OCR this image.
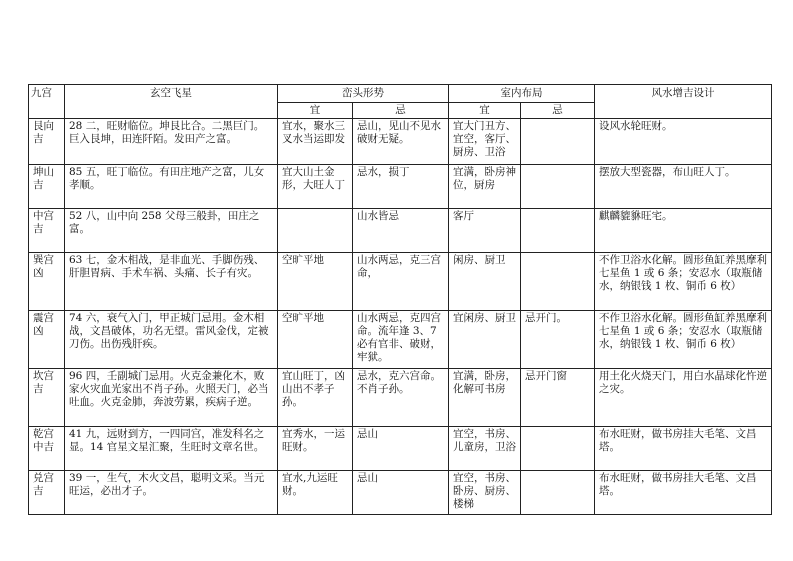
九宫	玄空飞星	峦头形势		室内布局		风水增吉设计
		宜	忌	宜	忌	
艮向吉	28 二，旺财临位。坤艮比合。二黑巨门。巨入艮坤，田连阡陌。发田产之富。	宜水，聚水三叉水当运即发	忌山，见山不见水破财无疑。	宜大门丑方、宜空，客厅、厨房、卫浴		设风水轮旺财。
坤山吉	85 五，旺丁临位。有田庄地产之富，儿女孝顺。	宜大山土金形，大旺人丁	忌水，损丁	宜满，卧房神位，厨房		摆放大型瓷器，布山旺人丁。
中宫吉	52 八，山中向 258 父母三般卦，田庄之富。		山水皆忌	客厅		麒麟貔貅旺宅。
巽宫凶	63 七，金木相战，是非血光、手脚伤残、肝胆胃病、手术车祸、头痛、长子有灾。	空旷平地	山水两忌，克三宫命，	闲房、厨卫		不作卫浴水化解。圆形鱼缸养黑摩利七星鱼 1 或 6 条；安忍水（取瓶储水，纳银钱 1 枚、铜币 6 枚）
震宫凶	74 六，衰气入门，甲正城门忌用。金木相战，文昌破体，功名无望。雷风金伐，定被刀伤。出伤残肝疾。	空旷平地	山水两忌，克四宫命。流年逢 3、7 必有官非、破财，牢狱。	宜闲房、厨卫	忌开门。	不作卫浴水化解。圆形鱼缸养黑摩利七星鱼 1 或 6 条；安忍水（取瓶储水，纳银钱 1 枚、铜币 6 枚）
坎宫吉	96 四，壬副城门忌用。火克金兼化木，败家火灾血光家出不肖子孙。火照天门，必当吐血。火克金肺，奔波劳累，疾病子逆。	宜山旺丁，凶山出不孝子孙。	忌水，克六宫命。不肖子孙。	宜满，卧房，化解可书房	忌开门窗	用土化火烧天门，用白水晶球化忤逆之灾。
乾宫中吉	41 九，远财到方，一四同宫，准发科名之显。14 官星文星汇聚，生旺时文章名世。	宜秀水，一运旺财。	忌山	宜空，书房、儿童房，卫浴		布水旺财，做书房挂大毛笔、文昌塔。
兑宫吉	39 一，生气，木火文昌，聪明文采。当元旺运，必出才子。	宜水,九运旺财。	忌山	宜空，书房、卧房、厨房、楼梯		布水旺财，做书房挂大毛笔、文昌塔。
